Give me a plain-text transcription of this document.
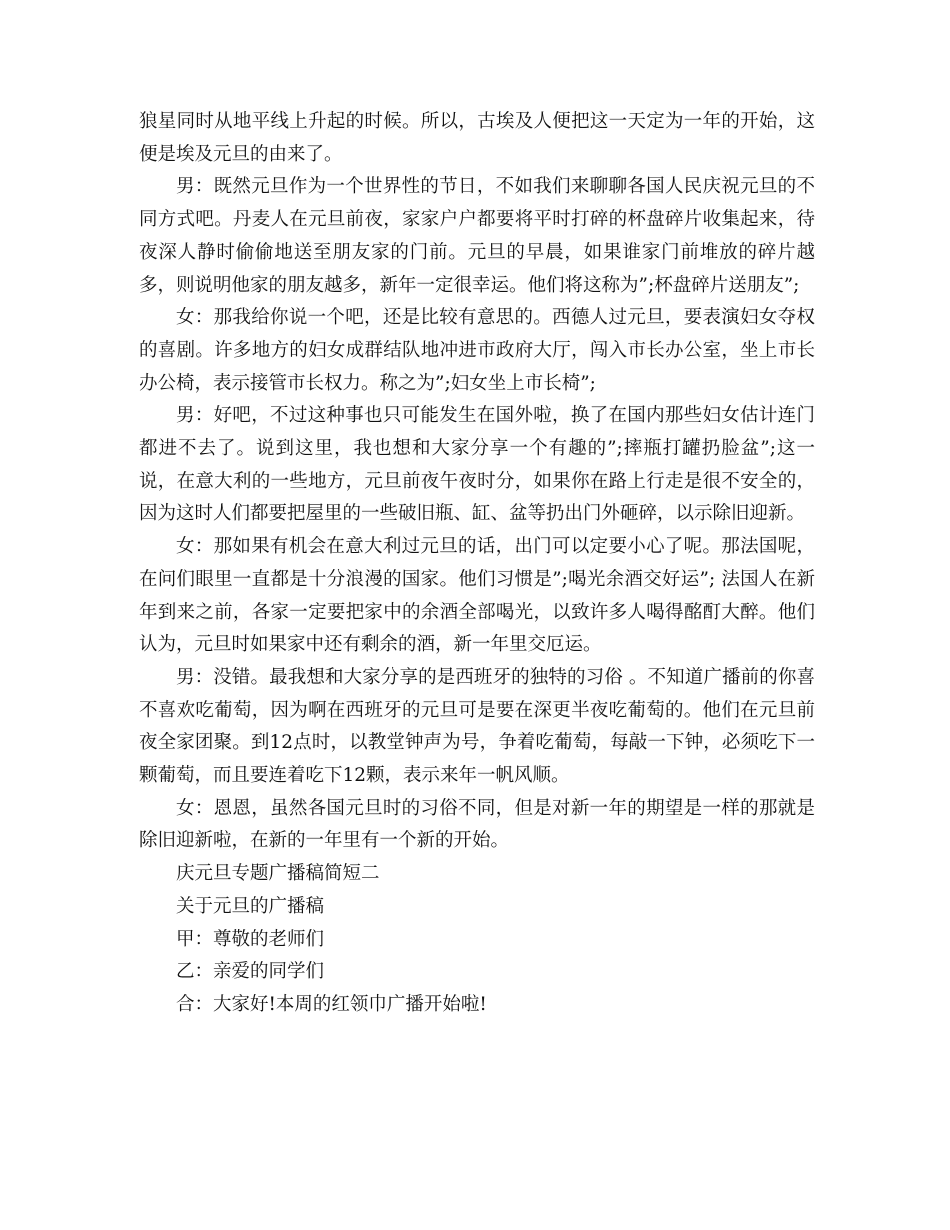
狼星同时从地平线上升起的时候。所以，古埃及人便把这一天定为一年的开始，这便是埃及元旦的由来了。

男：既然元旦作为一个世界性的节日，不如我们来聊聊各国人民庆祝元旦的不同方式吧。丹麦人在元旦前夜，家家户户都要将平时打碎的杯盘碎片收集起来，待夜深人静时偷偷地送至朋友家的门前。元旦的早晨，如果谁家门前堆放的碎片越多，则说明他家的朋友越多，新年一定很幸运。他们将这称为”;杯盘碎片送朋友”;

女：那我给你说一个吧，还是比较有意思的。西德人过元旦，要表演妇女夺权的喜剧。许多地方的妇女成群结队地冲进市政府大厅，闯入市长办公室，坐上市长办公椅，表示接管市长权力。称之为”;妇女坐上市长椅”;

男：好吧，不过这种事也只可能发生在国外啦，换了在国内那些妇女估计连门都进不去了。说到这里，我也想和大家分享一个有趣的”;摔瓶打罐扔脸盆”;这一说，在意大利的一些地方，元旦前夜午夜时分，如果你在路上行走是很不安全的，因为这时人们都要把屋里的一些破旧瓶、缸、盆等扔出门外砸碎，以示除旧迎新。

女：那如果有机会在意大利过元旦的话，出门可以定要小心了呢。那法国呢，在问们眼里一直都是十分浪漫的国家。他们习惯是”;喝光余酒交好运”; 法国人在新年到来之前，各家一定要把家中的余酒全部喝光，以致许多人喝得酩酊大醉。他们认为，元旦时如果家中还有剩余的酒，新一年里交厄运。

男：没错。最我想和大家分享的是西班牙的独特的习俗 。不知道广播前的你喜不喜欢吃葡萄，因为啊在西班牙的元旦可是要在深更半夜吃葡萄的。他们在元旦前夜全家团聚。到12点时，以教堂钟声为号，争着吃葡萄，每敲一下钟，必须吃下一颗葡萄，而且要连着吃下12颗，表示来年一帆风顺。

女：恩恩，虽然各国元旦时的习俗不同，但是对新一年的期望是一样的那就是除旧迎新啦，在新的一年里有一个新的开始。

庆元旦专题广播稿简短二

关于元旦的广播稿

甲：尊敬的老师们

乙：亲爱的同学们

合：大家好!本周的红领巾广播开始啦!
